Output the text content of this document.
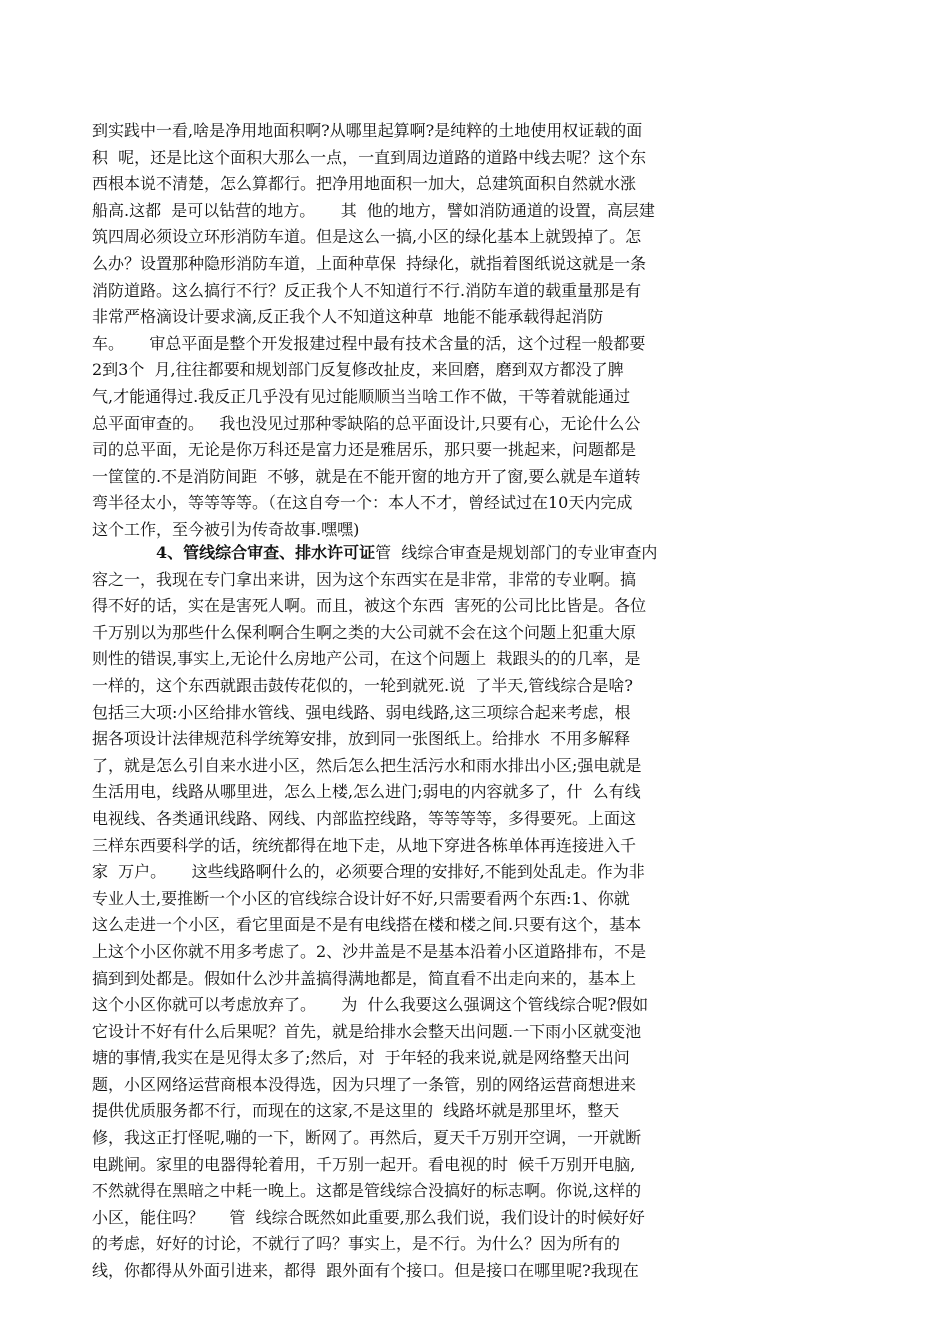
到实践中一看,啥是净用地面积啊?从哪里起算啊?是纯粹的土地使用权证载的面
积  呢，还是比这个面积大那么一点，一直到周边道路的道路中线去呢？这个东
西根本说不清楚，怎么算都行。把净用地面积一加大，总建筑面积自然就水涨
船高.这都  是可以钻营的地方。     其  他的地方，譬如消防通道的设置，高层建
筑四周必须设立环形消防车道。但是这么一搞,小区的绿化基本上就毁掉了。怎
么办？设置那种隐形消防车道，上面种草保  持绿化，就指着图纸说这就是一条
消防道路。这么搞行不行？反正我个人不知道行不行.消防车道的载重量那是有
非常严格滴设计要求滴,反正我个人不知道这种草  地能不能承载得起消防
车。     审总平面是整个开发报建过程中最有技术含量的活，这个过程一般都要
2到3个  月,往往都要和规划部门反复修改扯皮，来回磨，磨到双方都没了脾
气,才能通得过.我反正几乎没有见过能顺顺当当啥工作不做，干等着就能通过
总平面审查的。   我也没见过那种零缺陷的总平面设计,只要有心，无论什么公
司的总平面，无论是你万科还是富力还是雅居乐，那只要一挑起来，问题都是
一筐筐的.不是消防间距  不够，就是在不能开窗的地方开了窗,要么就是车道转
弯半径太小，等等等等。（在这自夸一个：本人不才，曾经试过在10天内完成
这个工作，至今被引为传奇故事.嘿嘿)
4、管线综合审查、排水许可证管  线综合审查是规划部门的专业审查内
容之一，我现在专门拿出来讲，因为这个东西实在是非常，非常的专业啊。搞
得不好的话，实在是害死人啊。而且，被这个东西  害死的公司比比皆是。各位
千万别以为那些什么保利啊合生啊之类的大公司就不会在这个问题上犯重大原
则性的错误,事实上,无论什么房地产公司，在这个问题上  栽跟头的的几率，是
一样的，这个东西就跟击鼓传花似的，一轮到就死.说  了半天,管线综合是啥?
包括三大项:小区给排水管线、强电线路、弱电线路,这三项综合起来考虑，根
据各项设计法律规范科学统筹安排，放到同一张图纸上。给排水  不用多解释
了，就是怎么引自来水进小区，然后怎么把生活污水和雨水排出小区;强电就是
生活用电，线路从哪里进，怎么上楼,怎么进门;弱电的内容就多了，什  么有线
电视线、各类通讯线路、网线、内部监控线路，等等等等，多得要死。上面这
三样东西要科学的话，统统都得在地下走，从地下穿进各栋单体再连接进入千
家  万户。     这些线路啊什么的，必须要合理的安排好,不能到处乱走。作为非
专业人士,要推断一个小区的官线综合设计好不好,只需要看两个东西:1、你就
这么走进一个小区，看它里面是不是有电线搭在楼和楼之间.只要有这个，基本
上这个小区你就不用多考虑了。2、沙井盖是不是基本沿着小区道路排布，不是
搞到到处都是。假如什么沙井盖搞得满地都是，简直看不出走向来的，基本上
这个小区你就可以考虑放弃了。     为  什么我要这么强调这个管线综合呢?假如
它设计不好有什么后果呢？首先，就是给排水会整天出问题.一下雨小区就变池
塘的事情,我实在是见得太多了;然后，对  于年轻的我来说,就是网络整天出问
题，小区网络运营商根本没得选，因为只埋了一条管，别的网络运营商想进来
提供优质服务都不行，而现在的这家,不是这里的  线路坏就是那里坏，整天
修，我这正打怪呢,嘣的一下，断网了。再然后，夏天千万别开空调，一开就断
电跳闸。家里的电器得轮着用，千万别一起开。看电视的时  候千万别开电脑,
不然就得在黑暗之中耗一晚上。这都是管线综合没搞好的标志啊。你说,这样的
小区，能住吗？     管  线综合既然如此重要,那么我们说，我们设计的时候好好
的考虑，好好的讨论，不就行了吗？事实上，是不行。为什么？因为所有的
线，你都得从外面引进来，都得  跟外面有个接口。但是接口在哪里呢?我现在
